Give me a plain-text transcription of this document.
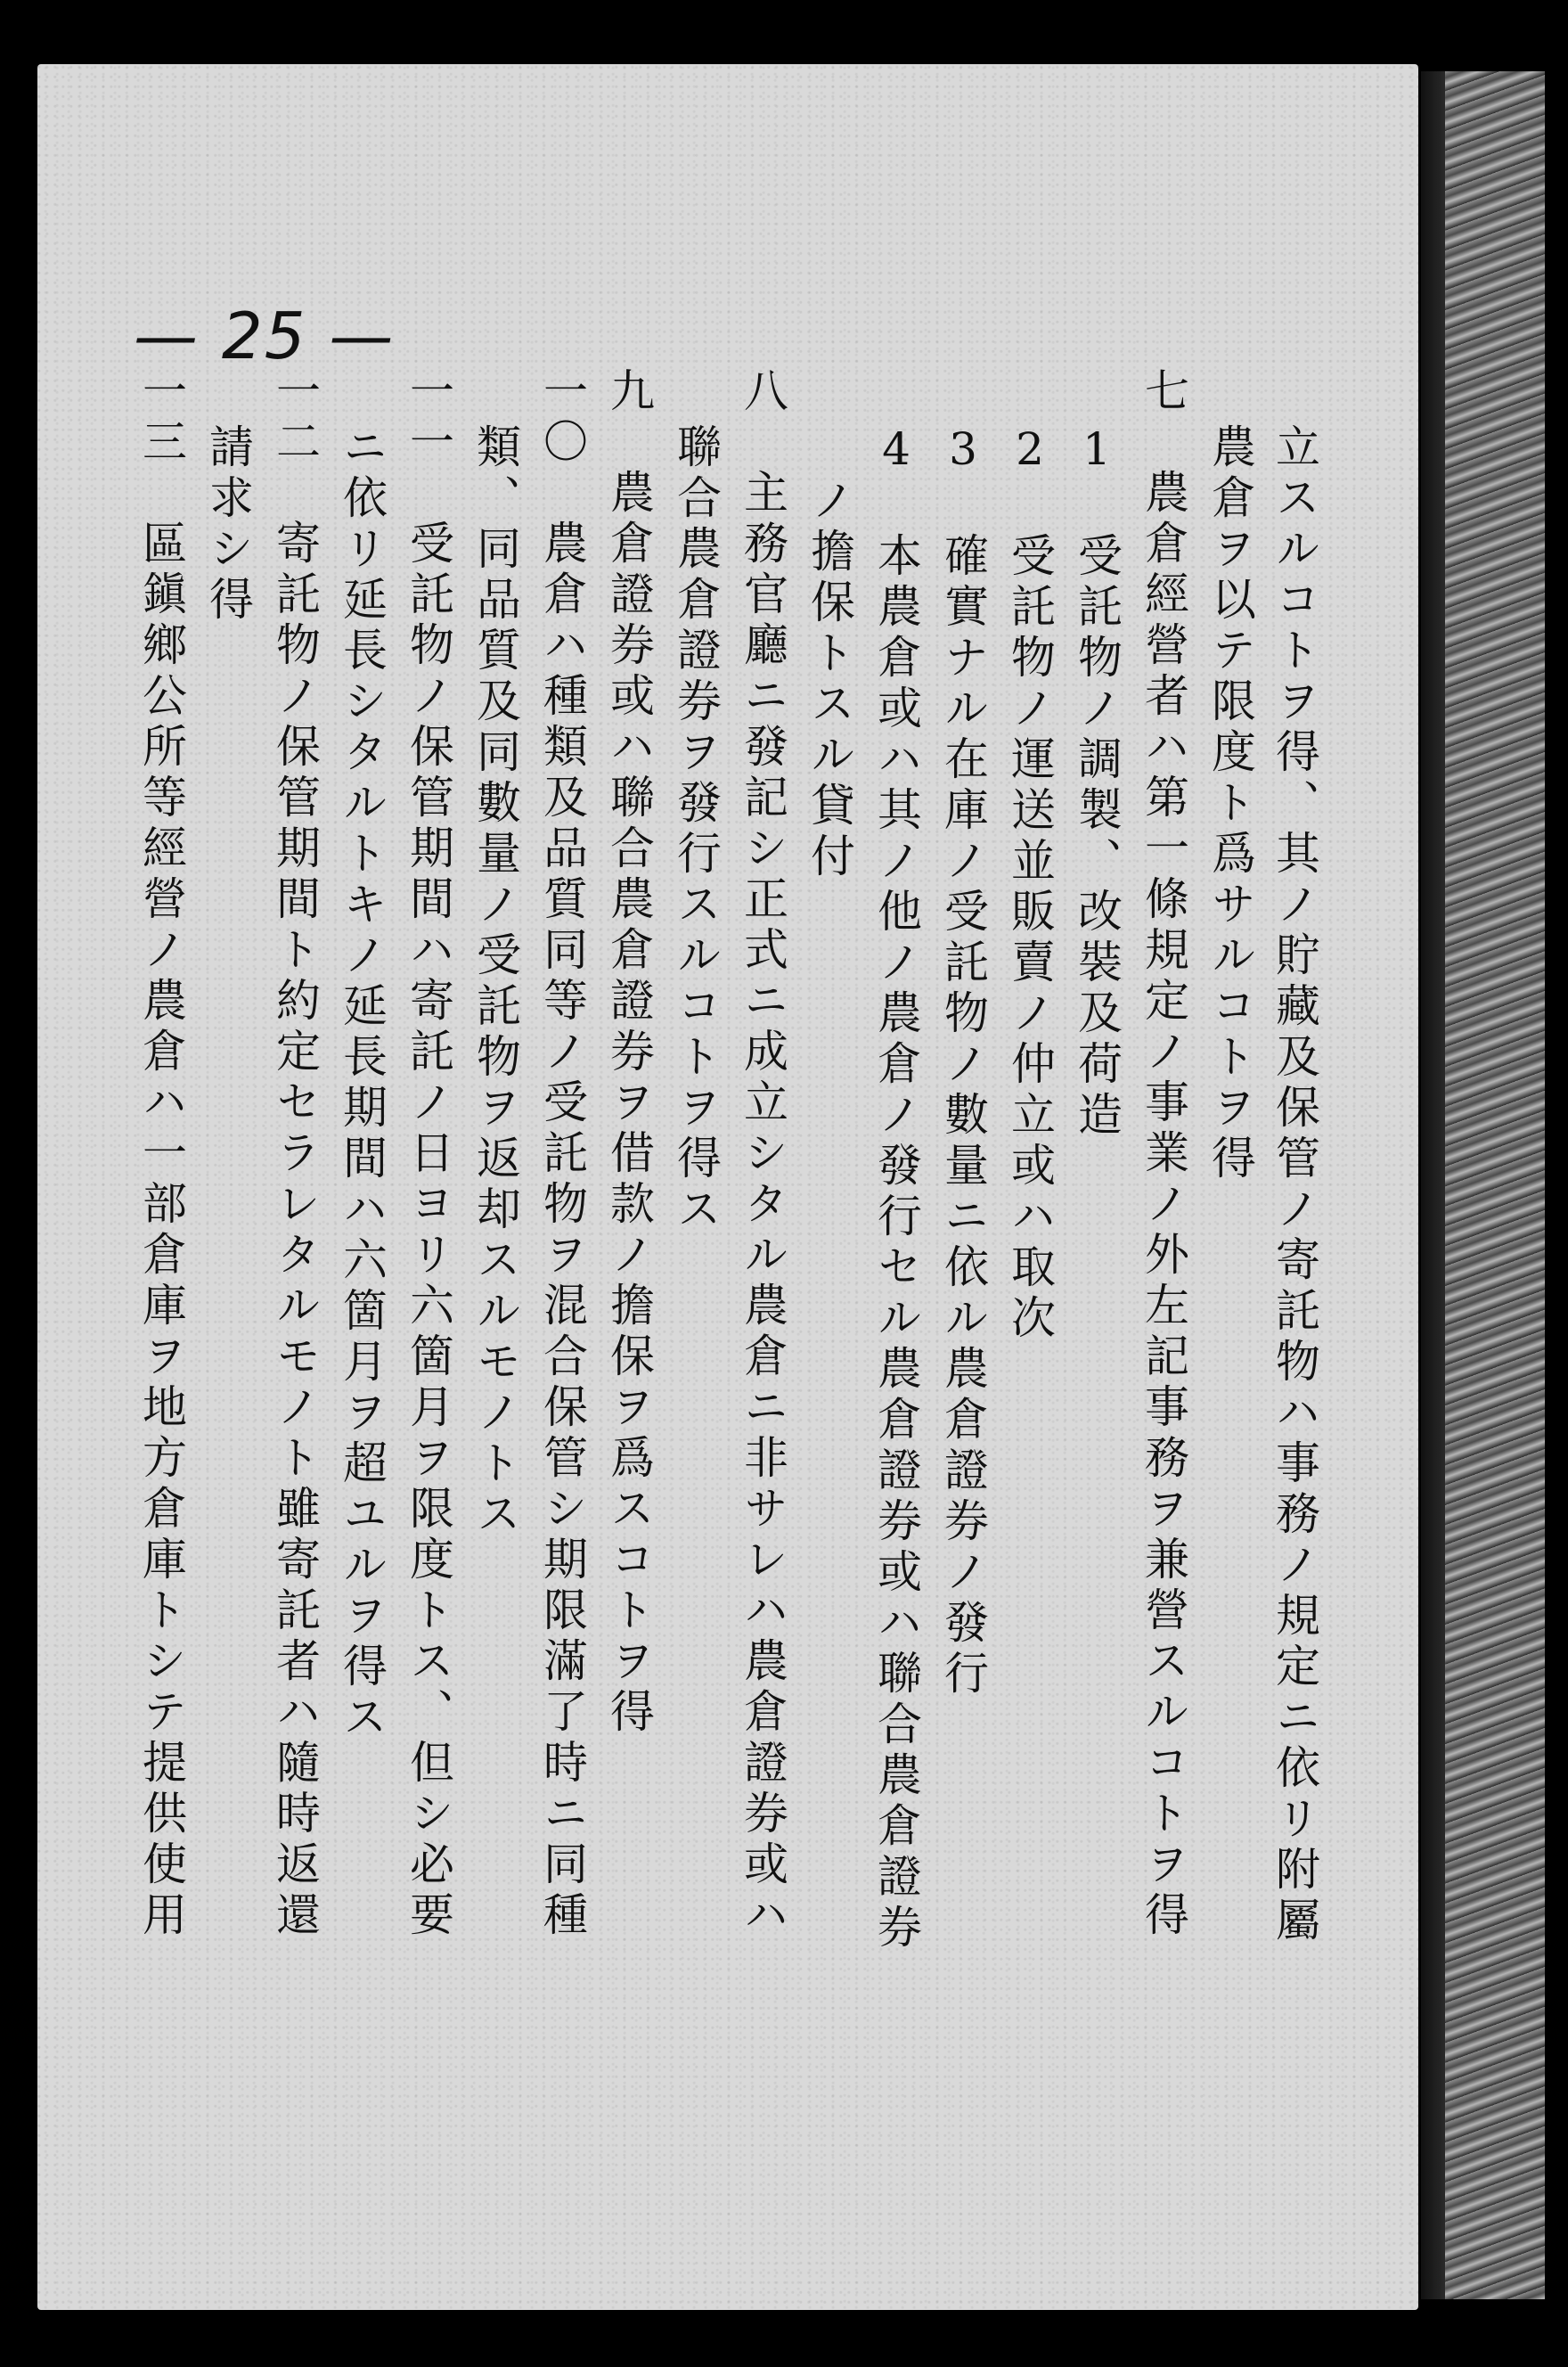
— 25 —
立スルコトヲ得、其ノ貯藏及保管ノ寄託物ハ事務ノ規定ニ依リ附屬
農倉ヲ以テ限度ト爲サルコトヲ得
七　農倉經營者ハ第一條規定ノ事業ノ外左記事務ヲ兼營スルコトヲ得
1　受託物ノ調製、改裝及荷造
2　受託物ノ運送並販賣ノ仲立或ハ取次
3　確實ナル在庫ノ受託物ノ數量ニ依ル農倉證券ノ發行
4　本農倉或ハ其ノ他ノ農倉ノ發行セル農倉證券或ハ聯合農倉證券
ノ擔保トスル貸付
八　主務官廳ニ發記シ正式ニ成立シタル農倉ニ非サレハ農倉證券或ハ
聯合農倉證券ヲ發行スルコトヲ得ス
九　農倉證券或ハ聯合農倉證券ヲ借款ノ擔保ヲ爲スコトヲ得
一〇　農倉ハ種類及品質同等ノ受託物ヲ混合保管シ期限滿了時ニ同種
類、同品質及同數量ノ受託物ヲ返却スルモノトス
一一　受託物ノ保管期間ハ寄託ノ日ヨリ六箇月ヲ限度トス、但シ必要
ニ依リ延長シタルトキノ延長期間ハ六箇月ヲ超ユルヲ得ス
一二　寄託物ノ保管期間ト約定セラレタルモノト雖寄託者ハ隨時返還
請求シ得
一三　區鎭鄉公所等經營ノ農倉ハ一部倉庫ヲ地方倉庫トシテ提供使用
